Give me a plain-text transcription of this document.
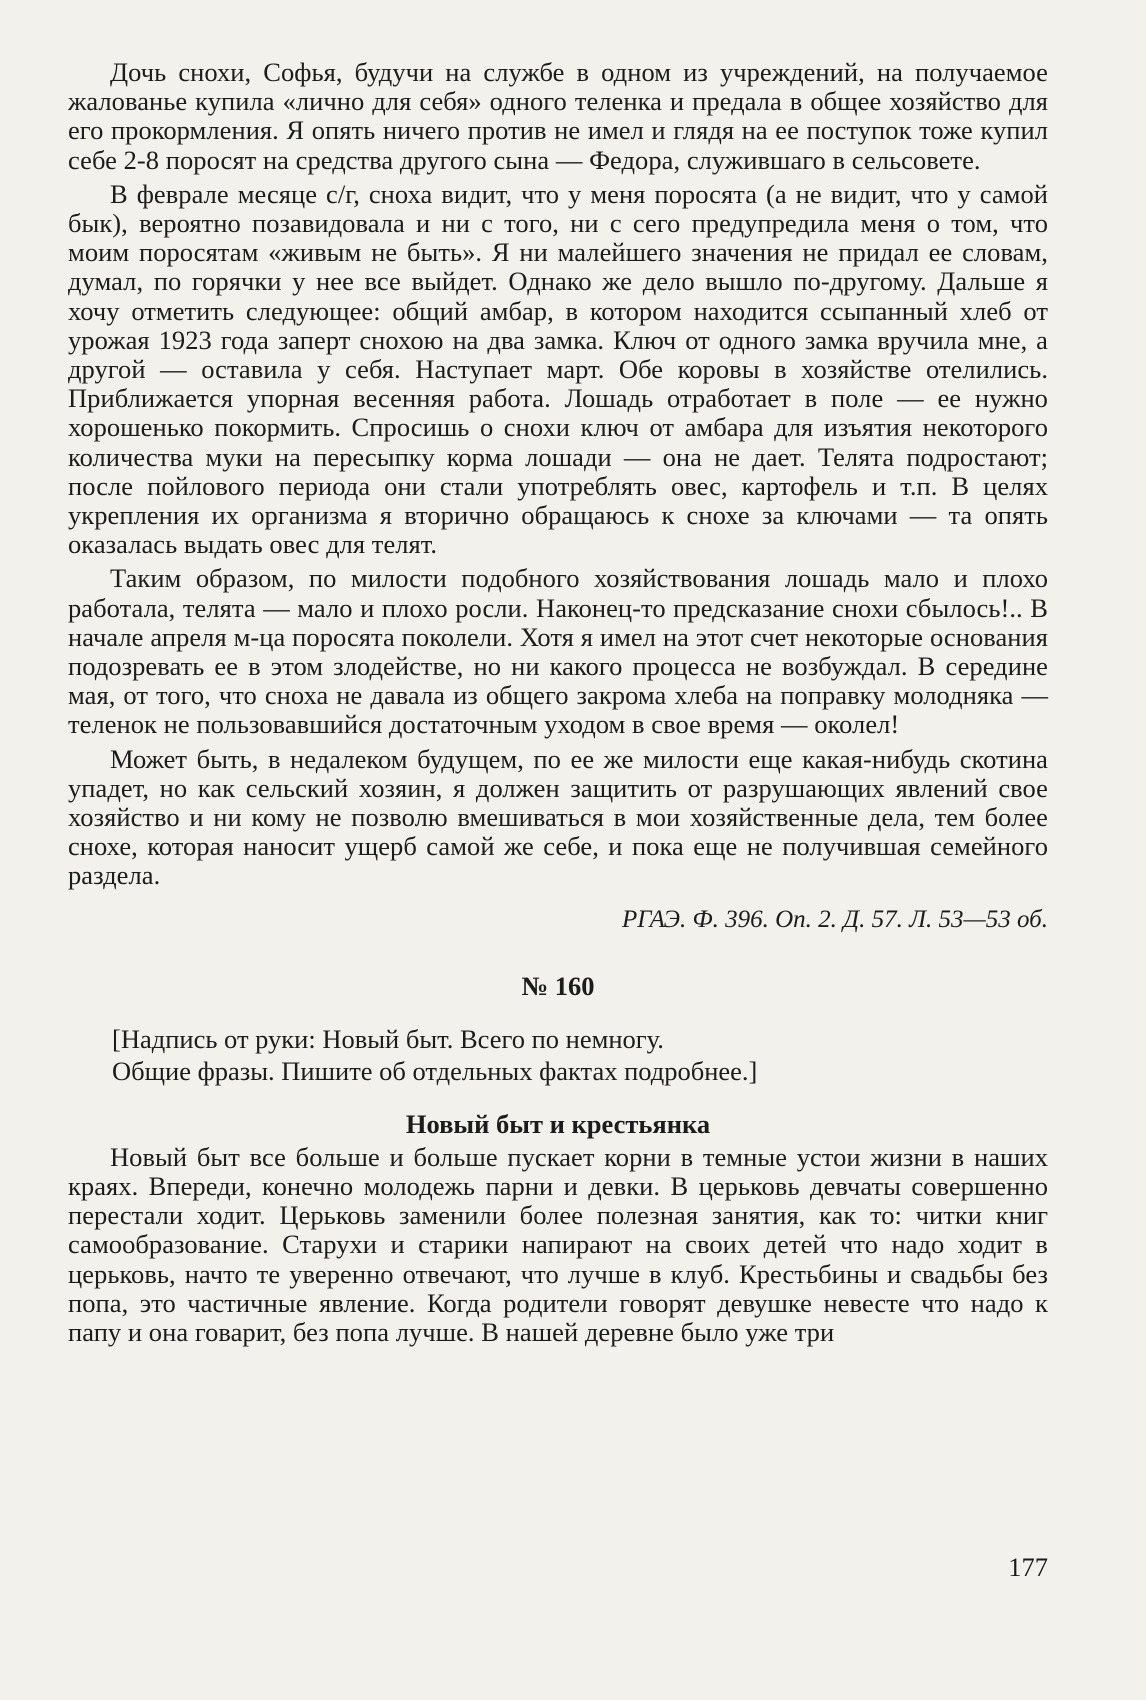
Дочь снохи, Софья, будучи на службе в одном из учреждений, на получаемое жалованье купила «лично для себя» одного теленка и предала в общее хозяйство для его прокормления. Я опять ничего против не имел и глядя на ее поступок тоже купил себе 2-8 поросят на средства другого сына — Федора, служившаго в сельсовете.

В феврале месяце с/г, сноха видит, что у меня поросята (а не видит, что у самой бык), вероятно позавидовала и ни с того, ни с сего предупредила меня о том, что моим поросятам «живым не быть». Я ни малейшего значения не придал ее словам, думал, по горячки у нее все выйдет. Однако же дело вышло по-другому. Дальше я хочу отметить следующее: общий амбар, в котором находится ссыпанный хлеб от урожая 1923 года заперт снохою на два замка. Ключ от одного замка вручила мне, а другой — оставила у себя. Наступает март. Обе коровы в хозяйстве отелились. Приближается упорная весенняя работа. Лошадь отработает в поле — ее нужно хорошенько покормить. Спросишь о снохи ключ от амбара для изъятия некоторого количества муки на пересыпку корма лошади — она не дает. Телята подростают; после пойлового периода они стали употреблять овес, картофель и т.п. В целях укрепления их организма я вторично обращаюсь к снохе за ключами — та опять оказалась выдать овес для телят.

Таким образом, по милости подобного хозяйствования лошадь мало и плохо работала, телята — мало и плохо росли. Наконец-то предсказание снохи сбылось!.. В начале апреля м-ца поросята поколели. Хотя я имел на этот счет некоторые основания подозревать ее в этом злодействе, но ни какого процесса не возбуждал. В середине мая, от того, что сноха не давала из общего закрома хлеба на поправку молодняка — теленок не пользовавшийся достаточным уходом в свое время — околел!

Может быть, в недалеком будущем, по ее же милости еще какая-нибудь скотина упадет, но как сельский хозяин, я должен защитить от разрушающих явлений свое хозяйство и ни кому не позволю вмешиваться в мои хозяйственные дела, тем более снохе, которая наносит ущерб самой же себе, и пока еще не получившая семейного раздела.

РГАЭ. Ф. 396. Оп. 2. Д. 57. Л. 53—53 об.

№ 160

[Надпись от руки: Новый быт. Всего по немногу.
Общие фразы. Пишите об отдельных фактах подробнее.]

Новый быт и крестьянка

Новый быт все больше и больше пускает корни в темные устои жизни в наших краях. Впереди, конечно молодежь парни и девки. В церьковь девчаты совершенно перестали ходит. Церьковь заменили более полезная занятия, как то: читки книг самообразование. Старухи и старики напирают на своих детей что надо ходит в церьковь, начто те уверенно отвечают, что лучше в клуб. Крестьбины и свадьбы без попа, это частичные явление. Когда родители говорят девушке невесте что надо к папу и она говарит, без попа лучше. В нашей деревне было уже три

177
